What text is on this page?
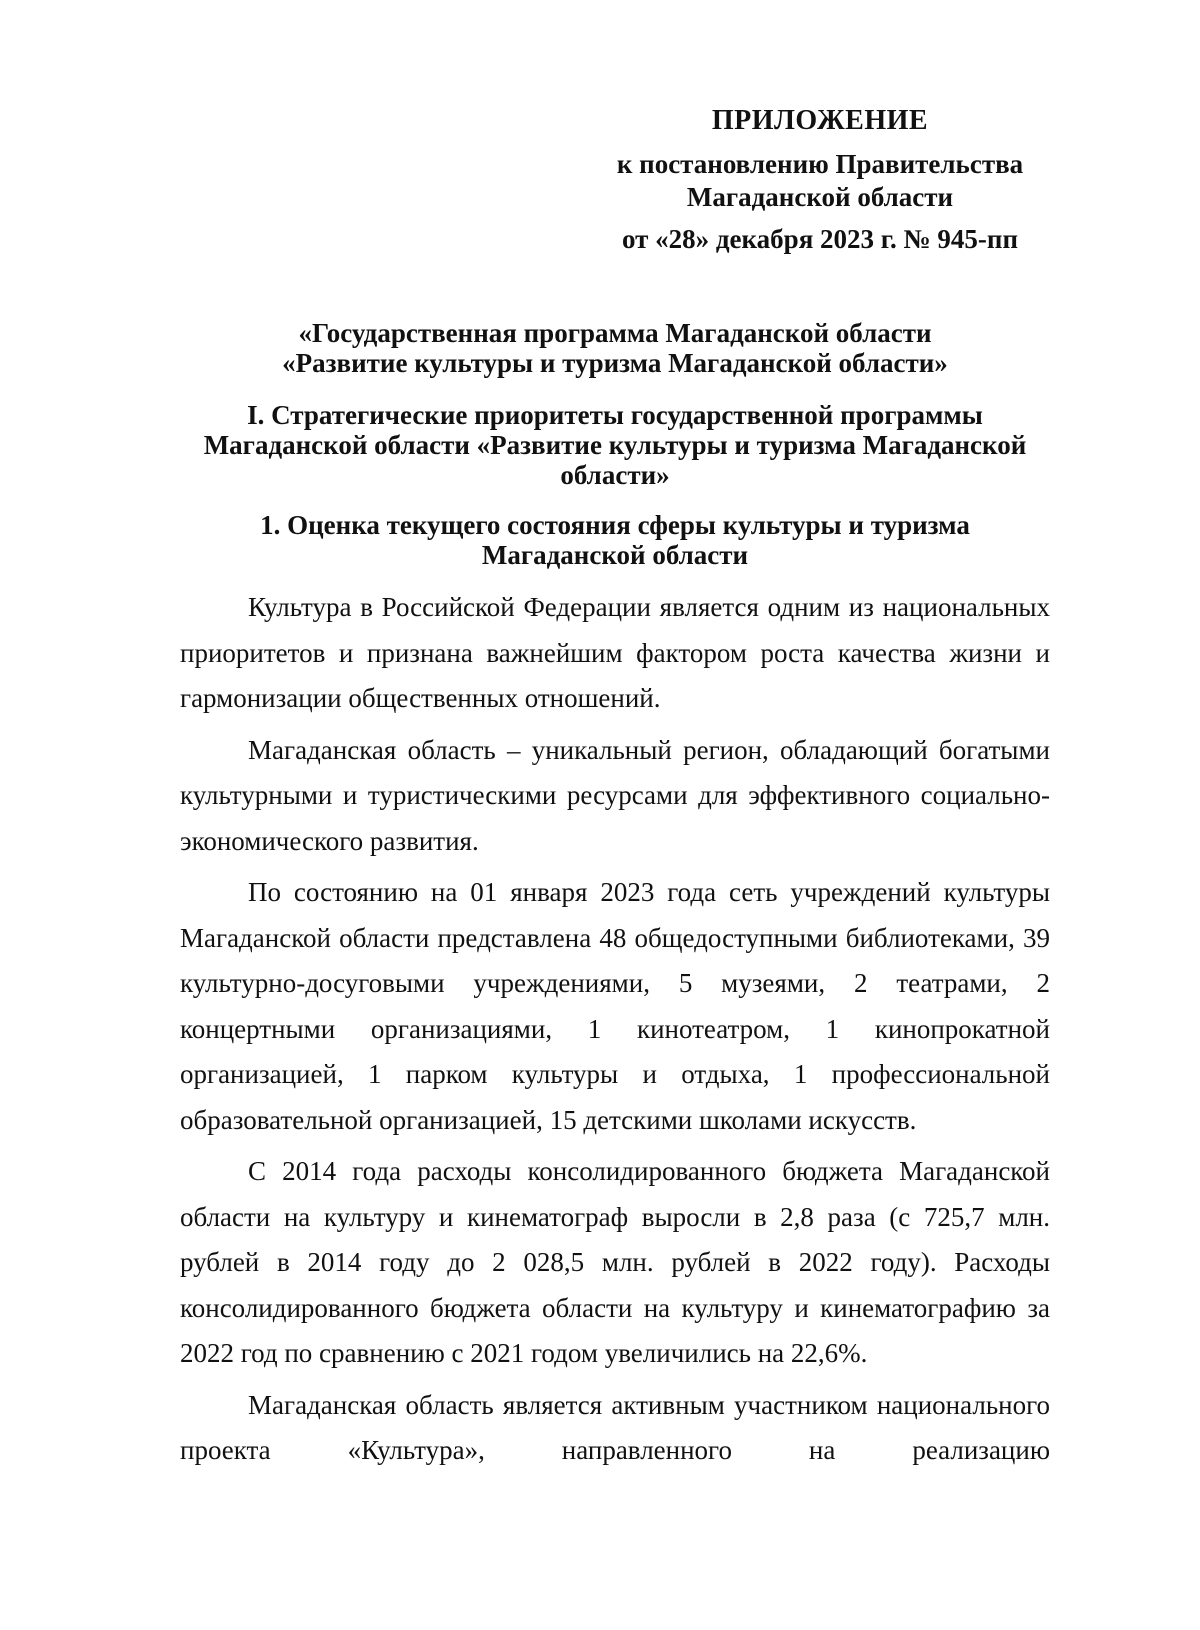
ПРИЛОЖЕНИЕ
к постановлению Правительства
Магаданской области
от «28» декабря 2023 г. № 945-пп
«Государственная программа Магаданской области
«Развитие культуры и туризма Магаданской области»
I. Стратегические приоритеты государственной программы
Магаданской области «Развитие культуры и туризма Магаданской
области»
1. Оценка текущего состояния сферы культуры и туризма
Магаданской области

Культура в Российской Федерации является одним из национальных приоритетов и признана важнейшим фактором роста качества жизни и гармонизации общественных отношений.

Магаданская область – уникальный регион, обладающий богатыми культурными и туристическими ресурсами для эффективного социально-экономического развития.

По состоянию на 01 января 2023 года сеть учреждений культуры Магаданской области представлена 48 общедоступными библиотеками, 39 культурно-досуговыми учреждениями, 5 музеями, 2 театрами, 2 концертными организациями, 1 кинотеатром, 1 кинопрокатной организацией, 1 парком культуры и отдыха, 1 профессиональной образовательной организацией, 15 детскими школами искусств.

С 2014 года расходы консолидированного бюджета Магаданской области на культуру и кинематограф выросли в 2,8 раза (с 725,7 млн. рублей в 2014 году до 2 028,5 млн. рублей в 2022 году). Расходы консолидированного бюджета области на культуру и кинематографию за 2022 год по сравнению с 2021 годом увеличились на 22,6%.

Магаданская область является активным участником национального проекта «Культура», направленного на реализацию
